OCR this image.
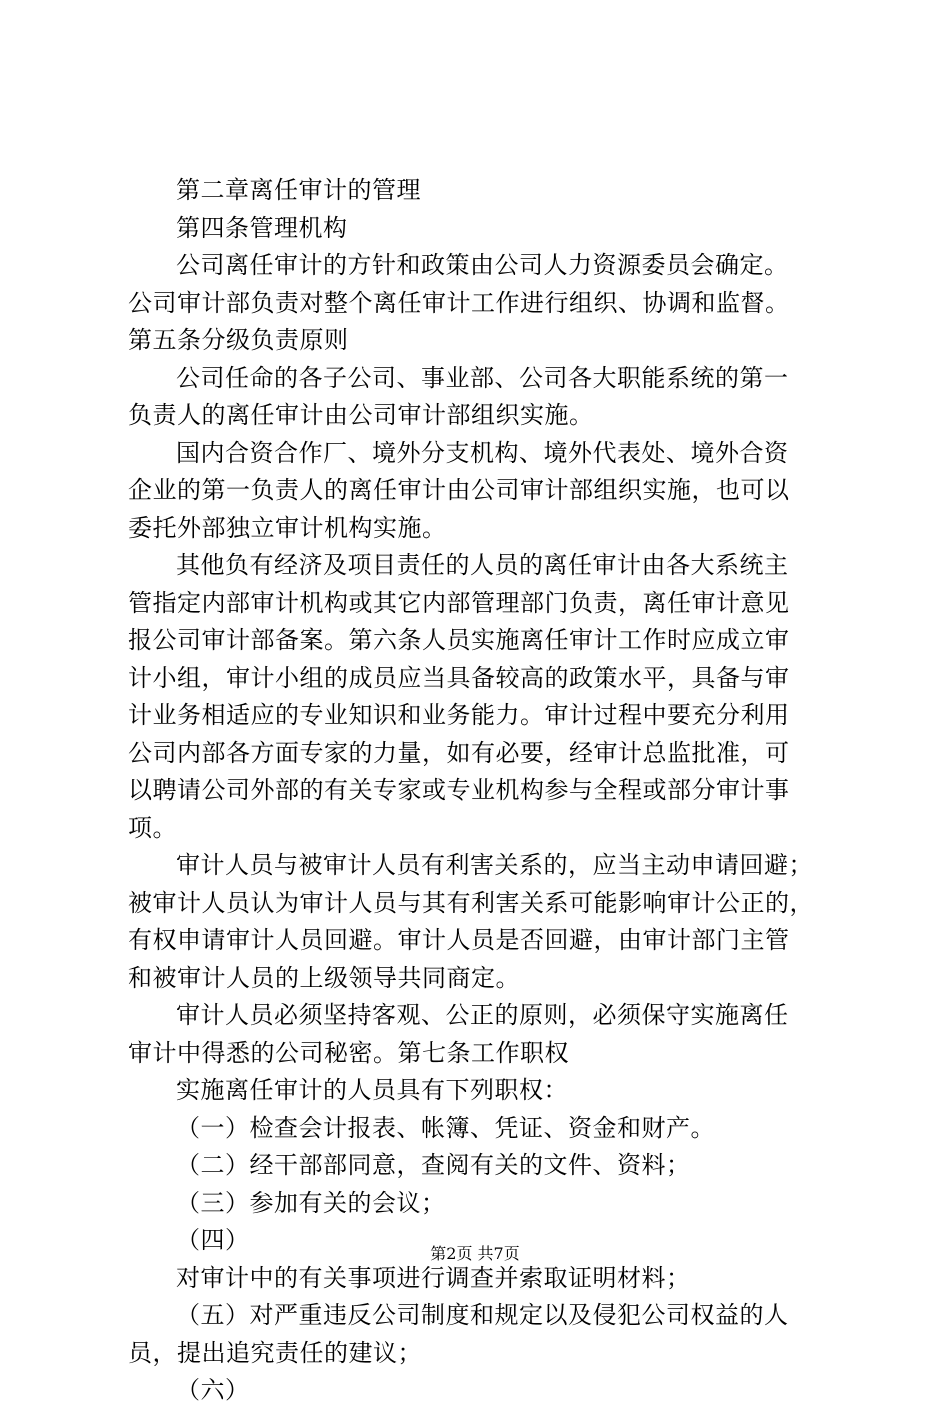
第二章离任审计的管理
第四条管理机构
公司离任审计的方针和政策由公司人力资源委员会确定。
公司审计部负责对整个离任审计工作进行组织、协调和监督。
第五条分级负责原则
公司任命的各子公司、事业部、公司各大职能系统的第一
负责人的离任审计由公司审计部组织实施。
国内合资合作厂、境外分支机构、境外代表处、境外合资
企业的第一负责人的离任审计由公司审计部组织实施，也可以
委托外部独立审计机构实施。
其他负有经济及项目责任的人员的离任审计由各大系统主
管指定内部审计机构或其它内部管理部门负责，离任审计意见
报公司审计部备案。第六条人员实施离任审计工作时应成立审
计小组，审计小组的成员应当具备较高的政策水平，具备与审
计业务相适应的专业知识和业务能力。审计过程中要充分利用
公司内部各方面专家的力量，如有必要，经审计总监批准，可
以聘请公司外部的有关专家或专业机构参与全程或部分审计事
项。
审计人员与被审计人员有利害关系的，应当主动申请回避；
被审计人员认为审计人员与其有利害关系可能影响审计公正的，
有权申请审计人员回避。审计人员是否回避，由审计部门主管
和被审计人员的上级领导共同商定。
审计人员必须坚持客观、公正的原则，必须保守实施离任
审计中得悉的公司秘密。第七条工作职权
实施离任审计的人员具有下列职权：
（一）检查会计报表、帐簿、凭证、资金和财产。
（二）经干部部同意，查阅有关的文件、资料；
（三）参加有关的会议；
（四）
对审计中的有关事项进行调查并索取证明材料；
（五）对严重违反公司制度和规定以及侵犯公司权益的人
员，提出追究责任的建议；
（六）
第2页 共7页
